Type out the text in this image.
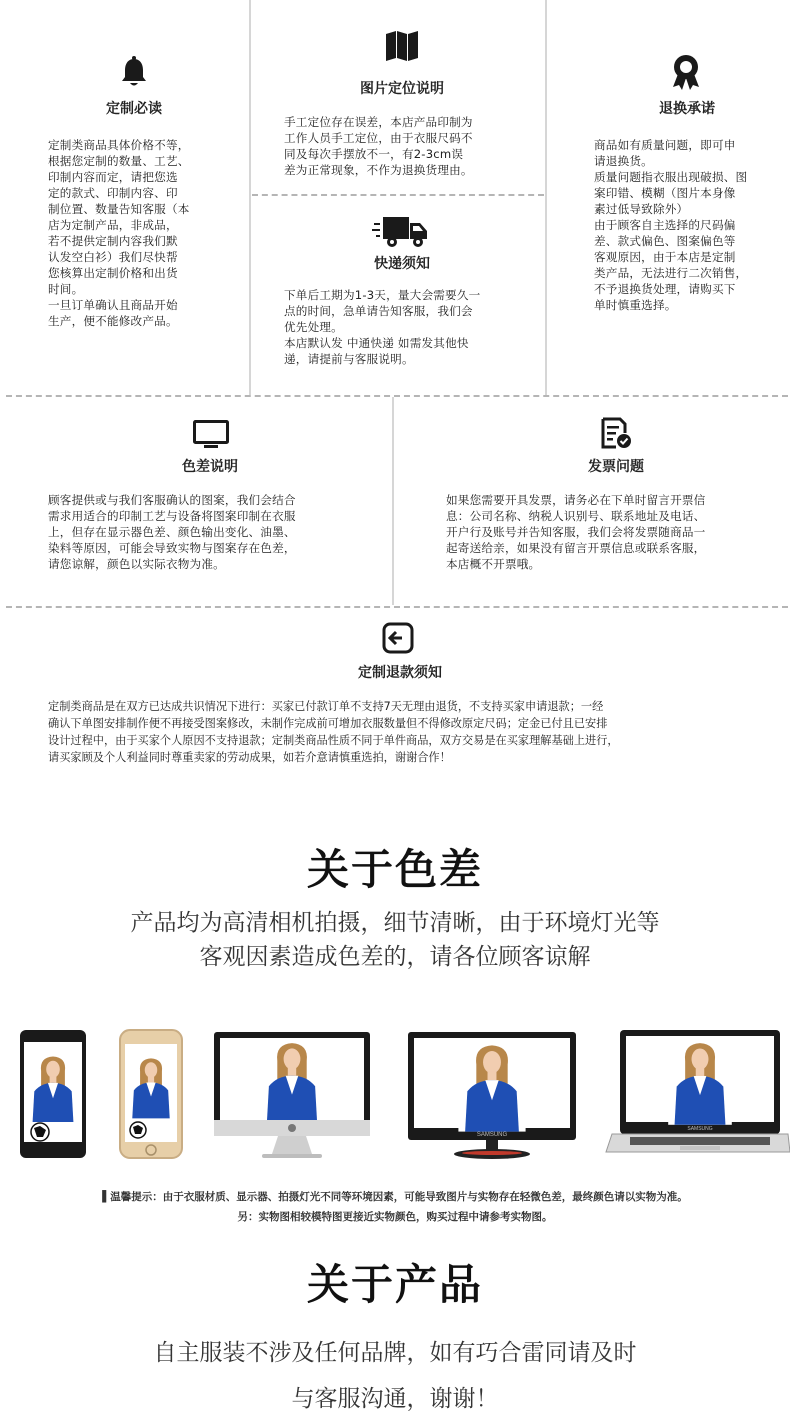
定制必读
定制类商品具体价格不等，
根据您定制的数量、工艺、
印制内容而定，请把您选
定的款式、印制内容、印
制位置、数量告知客服（本
店为定制产品，非成品，
若不提供定制内容我们默
认发空白衫）我们尽快帮
您核算出定制价格和出货
时间。
一旦订单确认且商品开始
生产，便不能修改产品。
图片定位说明
手工定位存在误差，本店产品印制为
工作人员手工定位，由于衣服尺码不
同及每次手摆放不一，有2-3cm误
差为正常现象，不作为退换货理由。
退换承诺
商品如有质量问题，即可申
请退换货。
质量问题指衣服出现破损、图
案印错、模糊（图片本身像
素过低导致除外）
由于顾客自主选择的尺码偏
差、款式偏色、图案偏色等
客观原因，由于本店是定制
类产品，无法进行二次销售，
不予退换货处理，请购买下
单时慎重选择。
快递须知
下单后工期为1-3天，量大会需要久一
点的时间，急单请告知客服，我们会
优先处理。
本店默认发 中通快递 如需发其他快
递，请提前与客服说明。
色差说明
顾客提供或与我们客服确认的图案，我们会结合
需求用适合的印制工艺与设备将图案印制在衣服
上，但存在显示器色差、颜色输出变化、油墨、
染料等原因，可能会导致实物与图案存在色差，
请您谅解，颜色以实际衣物为准。
发票问题
如果您需要开具发票，请务必在下单时留言开票信
息：公司名称、纳税人识别号、联系地址及电话、
开户行及账号并告知客服，我们会将发票随商品一
起寄送给亲，如果没有留言开票信息或联系客服，
本店概不开票哦。
定制退款须知
定制类商品是在双方已达成共识情况下进行：买家已付款订单不支持7天无理由退货，不支持买家申请退款；一经
确认下单图安排制作便不再接受图案修改，未制作完成前可增加衣服数量但不得修改原定尺码；定金已付且已安排
设计过程中，由于买家个人原因不支持退款；定制类商品性质不同于单件商品，双方交易是在买家理解基础上进行，
请买家顾及个人利益同时尊重卖家的劳动成果，如若介意请慎重选拍，谢谢合作！
关于色差
产品均为高清相机拍摄，细节清晰，由于环境灯光等
客观因素造成色差的，请各位顾客谅解
SAMSUNG
SAMSUNG
▌温馨提示：由于衣服材质、显示器、拍摄灯光不同等环境因素，可能导致图片与实物存在轻微色差，最终颜色请以实物为准。
另：实物图相较模特图更接近实物颜色，购买过程中请参考实物图。
关于产品
自主服装不涉及任何品牌，如有巧合雷同请及时
与客服沟通，谢谢！
